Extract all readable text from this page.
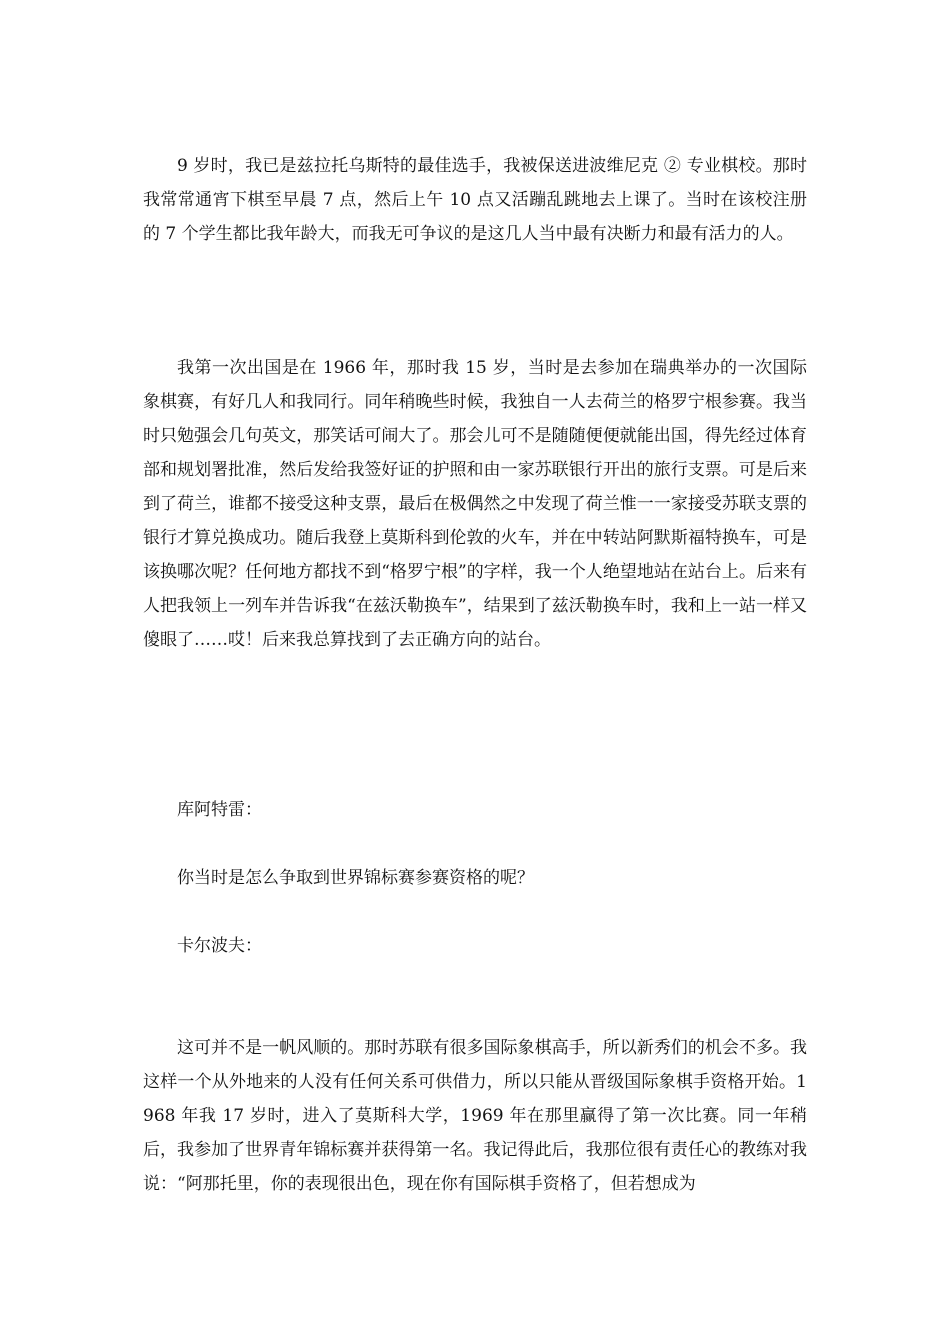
9 岁时，我已是兹拉托乌斯特的最佳选手，我被保送进波维尼克 ② 专业棋校。那时我常常通宵下棋至早晨 7 点，然后上午 10 点又活蹦乱跳地去上课了。当时在该校注册的 7 个学生都比我年龄大，而我无可争议的是这几人当中最有决断力和最有活力的人。

我第一次出国是在 1966 年，那时我 15 岁，当时是去参加在瑞典举办的一次国际象棋赛，有好几人和我同行。同年稍晚些时候，我独自一人去荷兰的格罗宁根参赛。我当时只勉强会几句英文，那笑话可闹大了。那会儿可不是随随便便就能出国，得先经过体育部和规划署批准，然后发给我签好证的护照和由一家苏联银行开出的旅行支票。可是后来到了荷兰，谁都不接受这种支票，最后在极偶然之中发现了荷兰惟一一家接受苏联支票的银行才算兑换成功。随后我登上莫斯科到伦敦的火车，并在中转站阿默斯福特换车，可是该换哪次呢？任何地方都找不到“格罗宁根”的字样，我一个人绝望地站在站台上。后来有人把我领上一列车并告诉我“在兹沃勒换车”，结果到了兹沃勒换车时，我和上一站一样又傻眼了……哎！后来我总算找到了去正确方向的站台。

库阿特雷：

你当时是怎么争取到世界锦标赛参赛资格的呢？

卡尔波夫：

这可并不是一帆风顺的。那时苏联有很多国际象棋高手，所以新秀们的机会不多。我这样一个从外地来的人没有任何关系可供借力，所以只能从晋级国际象棋手资格开始。1968 年我 17 岁时，进入了莫斯科大学，1969 年在那里赢得了第一次比赛。同一年稍后，我参加了世界青年锦标赛并获得第一名。我记得此后，我那位很有责任心的教练对我说：“阿那托里，你的表现很出色，现在你有国际棋手资格了，但若想成为
